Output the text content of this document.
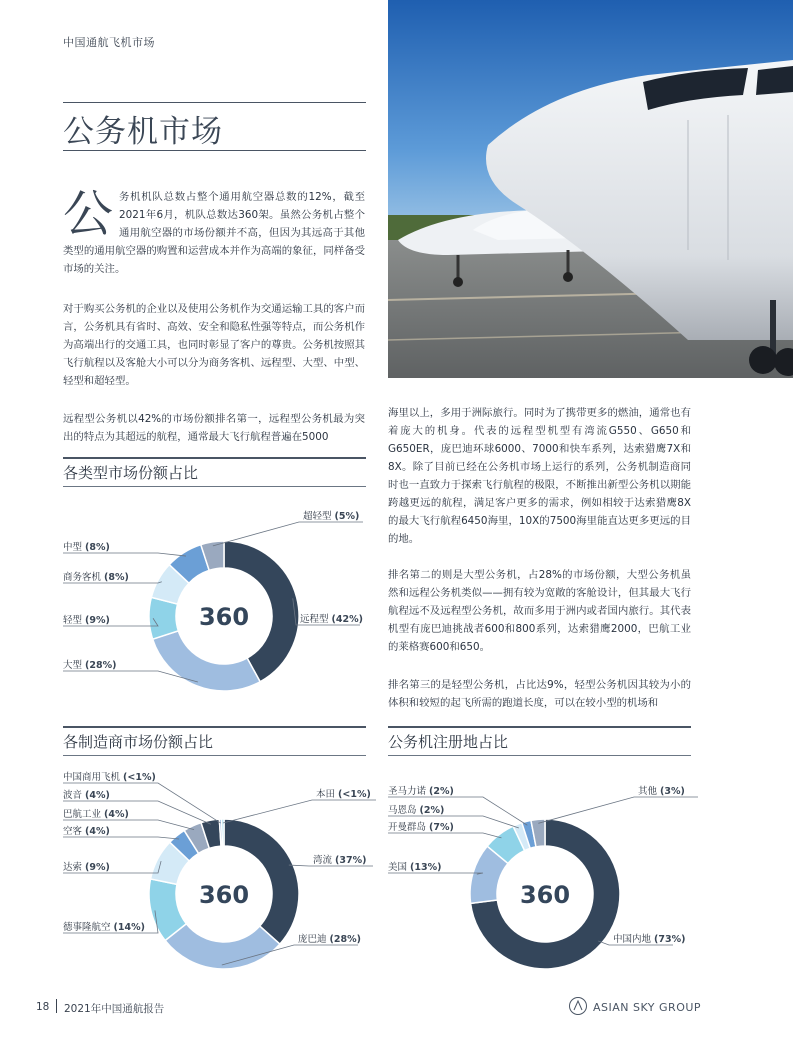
中国通航飞机市场
公务机市场
公务机机队总数占整个通用航空器总数的12%，截至2021年6月，机队总数达360架。虽然公务机占整个通用航空器的市场份额并不高，但因为其远高于其他类型的通用航空器的购置和运营成本并作为高端的象征，同样备受市场的关注。
对于购买公务机的企业以及使用公务机作为交通运输工具的客户而言，公务机具有省时、高效、安全和隐私性强等特点，而公务机作为高端出行的交通工具，也同时彰显了客户的尊贵。公务机按照其飞行航程以及客舱大小可以分为商务客机、远程型、大型、中型、轻型和超轻型。
远程型公务机以42%的市场份额排名第一，远程型公务机最为突出的特点为其超远的航程，通常最大飞行航程普遍在5000
海里以上，多用于洲际旅行。同时为了携带更多的燃油，通常也有着庞大的机身。代表的远程型机型有湾流G550、G650和G650ER，庞巴迪环球6000、7000和快车系列，达索猎鹰7X和8X。除了目前已经在公务机市场上运行的系列，公务机制造商同时也一直致力于探索飞行航程的极限，不断推出新型公务机以期能跨越更远的航程，满足客户更多的需求，例如相较于达索猎鹰8X的最大飞行航程6450海里，10X的7500海里能直达更多更远的目的地。
排名第二的则是大型公务机，占28%的市场份额，大型公务机虽然和远程公务机类似——拥有较为宽敞的客舱设计，但其最大飞行航程远不及远程型公务机，故而多用于洲内或者国内旅行。其代表机型有庞巴迪挑战者600和800系列，达索猎鹰2000，巴航工业的莱格赛600和650。
排名第三的是轻型公务机，占比达9%，轻型公务机因其较为小的体积和较短的起飞所需的跑道长度，可以在较小型的机场和
各类型市场份额占比
各制造商市场份额占比	公务机注册地占比
远程型 (42%)
大型 (28%)
轻型 (9%)
商务客机 (8%)
中型 (8%)
超轻型 (5%)
360
湾流 (37%)
庞巴迪 (28%)
德事隆航空 (14%)
达索 (9%)
空客 (4%)
巴航工业 (4%)
波音 (4%)
中国商用飞机 (<1%)
本田 (<1%)
360
中国内地 (73%)
美国 (13%)
开曼群岛 (7%)
马恩岛 (2%)
圣马力诺 (2%)	其他 (3%)
360
18 2021年中国通航报告	ASIAN SKY GROUP
